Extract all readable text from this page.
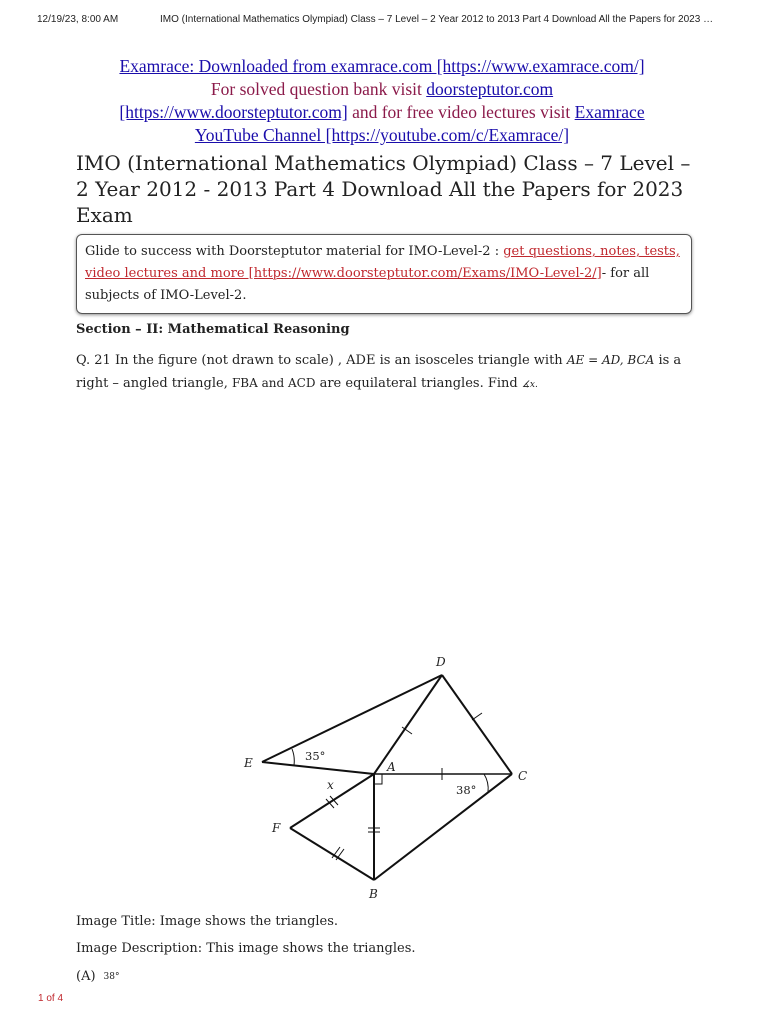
12/19/23, 8:00 AM	IMO (International Mathematics Olympiad) Class – 7 Level – 2 Year 2012 to 2013 Part 4 Download All the Papers for 2023 …
Examrace: Downloaded from examrace.com [https://www.examrace.com/]
For solved question bank visit doorsteptutor.com
[https://www.doorsteptutor.com] and for free video lectures visit Examrace
YouTube Channel [https://youtube.com/c/Examrace/]
IMO (International Mathematics Olympiad) Class – 7 Level – 2 Year 2012 - 2013 Part 4 Download All the Papers for 2023 Exam
Glide to success with Doorsteptutor material for IMO-Level-2 : get questions, notes, tests, video lectures and more [https://www.doorsteptutor.com/Exams/IMO-Level-2/]- for all subjects of IMO-Level-2.
Section – II: Mathematical Reasoning
Q. 21 In the figure (not drawn to scale) , ADE is an isosceles triangle with AE = AD, BCA is a right – angled triangle, FBA and ACD are equilateral triangles. Find ∡x.
D
E	A
C
F
B
x
35°
38°
Image Title: Image shows the triangles.
Image Description: This image shows the triangles.
(A) 38°
1 of 4
